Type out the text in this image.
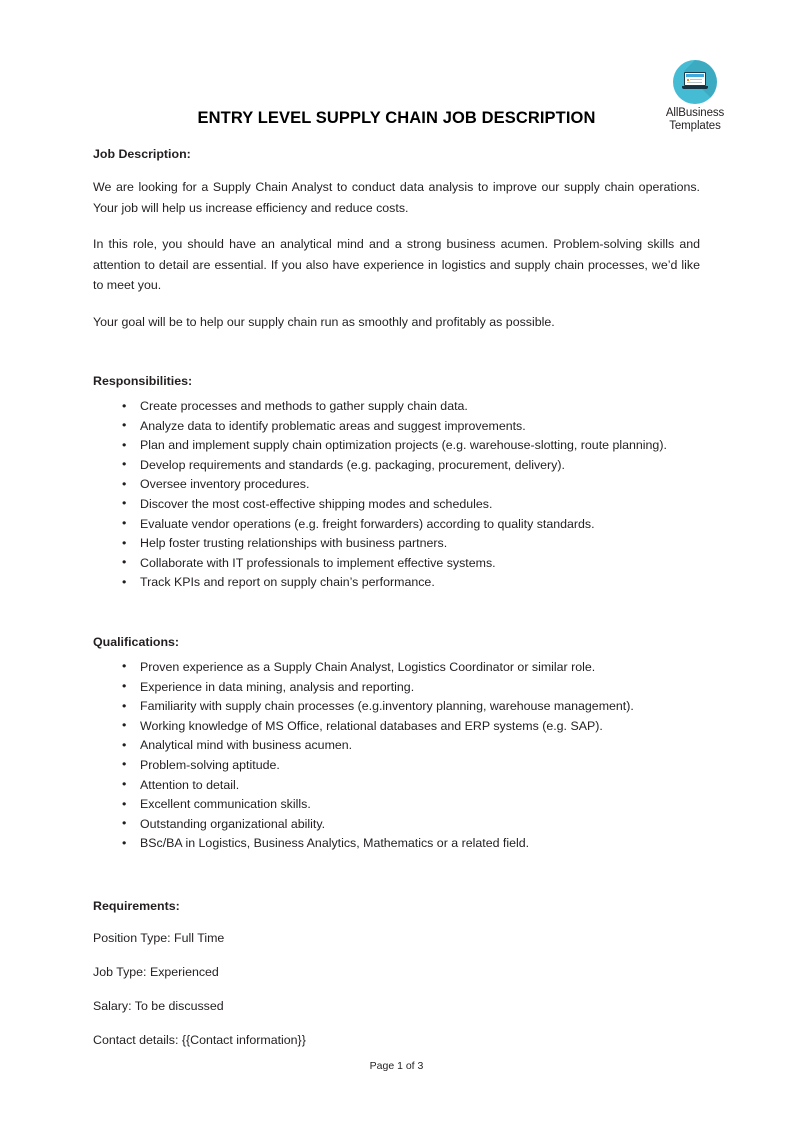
AllBusiness
Templates
ENTRY LEVEL SUPPLY CHAIN JOB DESCRIPTION
Job Description:

We are looking for a Supply Chain Analyst to conduct data analysis to improve our supply chain operations. Your job will help us increase efficiency and reduce costs.

In this role, you should have an analytical mind and a strong business acumen. Problem-solving skills and attention to detail are essential. If you also have experience in logistics and supply chain processes, we’d like to meet you.

Your goal will be to help our supply chain run as smoothly and profitably as possible.

Responsibilities:
• Create processes and methods to gather supply chain data.
• Analyze data to identify problematic areas and suggest improvements.
• Plan and implement supply chain optimization projects (e.g. warehouse-slotting, route planning).
• Develop requirements and standards (e.g. packaging, procurement, delivery).
• Oversee inventory procedures.
• Discover the most cost-effective shipping modes and schedules.
• Evaluate vendor operations (e.g. freight forwarders) according to quality standards.
• Help foster trusting relationships with business partners.
• Collaborate with IT professionals to implement effective systems.
• Track KPIs and report on supply chain’s performance.
Qualifications:
• Proven experience as a Supply Chain Analyst, Logistics Coordinator or similar role.
• Experience in data mining, analysis and reporting.
• Familiarity with supply chain processes (e.g.inventory planning, warehouse management).
• Working knowledge of MS Office, relational databases and ERP systems (e.g. SAP).
• Analytical mind with business acumen.
• Problem-solving aptitude.
• Attention to detail.
• Excellent communication skills.
• Outstanding organizational ability.
• BSc/BA in Logistics, Business Analytics, Mathematics or a related field.
Requirements:
Position Type: Full Time
Job Type: Experienced
Salary: To be discussed
Contact details: {{Contact information}}
Page 1 of 3
